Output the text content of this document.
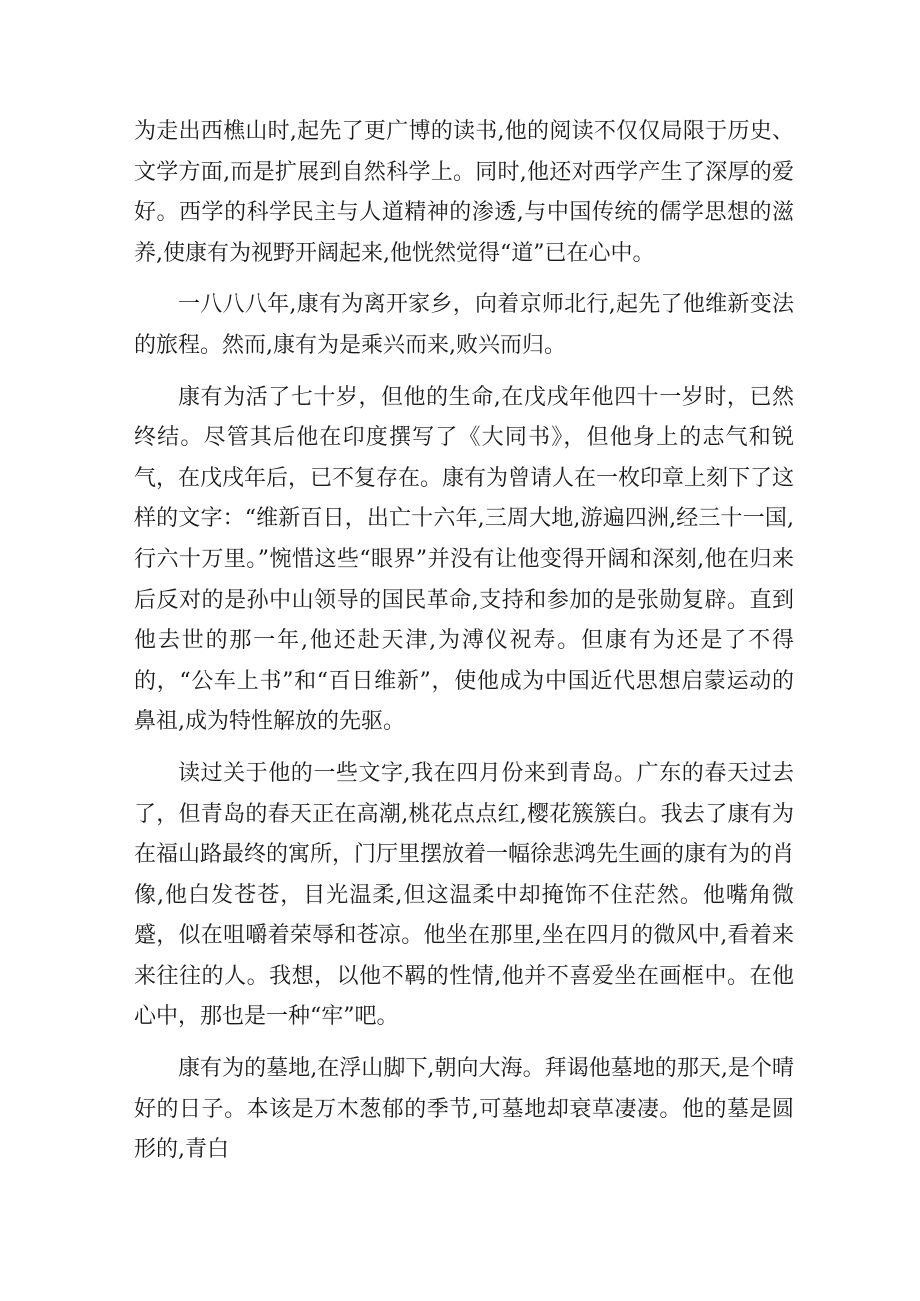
为走出西樵山时,起先了更广博的读书,他的阅读不仅仅局限于历史、文学方面,而是扩展到自然科学上。同时,他还对西学产生了深厚的爱好。西学的科学民主与人道精神的渗透,与中国传统的儒学思想的滋养,使康有为视野开阔起来,他恍然觉得“道”已在心中。

一八八八年,康有为离开家乡，向着京师北行,起先了他维新变法的旅程。然而,康有为是乘兴而来,败兴而归。

康有为活了七十岁，但他的生命,在戊戌年他四十一岁时，已然终结。尽管其后他在印度撰写了《大同书》，但他身上的志气和锐气，在戊戌年后，已不复存在。康有为曾请人在一枚印章上刻下了这样的文字：“维新百日，出亡十六年,三周大地,游遍四洲,经三十一国,行六十万里。”惋惜这些“眼界”并没有让他变得开阔和深刻,他在归来后反对的是孙中山领导的国民革命,支持和参加的是张勋复辟。直到他去世的那一年,他还赴天津,为溥仪祝寿。但康有为还是了不得的，“公车上书”和“百日维新”，使他成为中国近代思想启蒙运动的鼻祖,成为特性解放的先驱。

读过关于他的一些文字,我在四月份来到青岛。广东的春天过去了，但青岛的春天正在高潮,桃花点点红,樱花簇簇白。我去了康有为在福山路最终的寓所，门厅里摆放着一幅徐悲鸿先生画的康有为的肖像,他白发苍苍，目光温柔,但这温柔中却掩饰不住茫然。他嘴角微蹙，似在咀嚼着荣辱和苍凉。他坐在那里,坐在四月的微风中,看着来来往往的人。我想，以他不羁的性情,他并不喜爱坐在画框中。在他心中，那也是一种“牢”吧。

康有为的墓地,在浮山脚下,朝向大海。拜谒他墓地的那天,是个晴好的日子。本该是万木葱郁的季节,可墓地却衰草凄凄。他的墓是圆形的,青白
